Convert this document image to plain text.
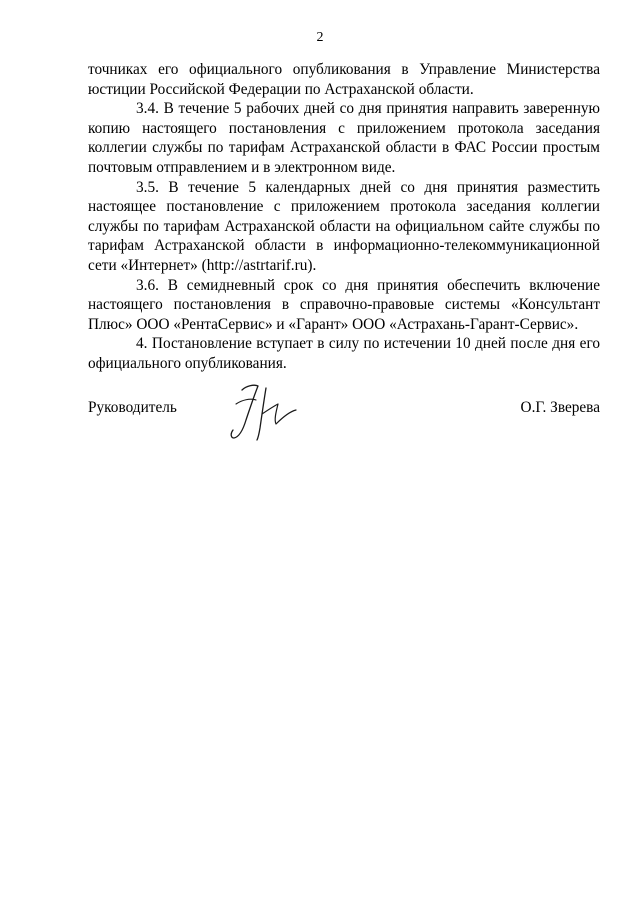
2

точниках его официального опубликования в Управление Министерства юстиции Российской Федерации по Астраханской области.

3.4. В течение 5 рабочих дней со дня принятия направить заверенную копию настоящего постановления с приложением протокола заседания коллегии службы по тарифам Астраханской области в ФАС России простым почтовым отправлением и в электронном виде.

3.5. В течение 5 календарных дней со дня принятия разместить настоящее постановление с приложением протокола заседания коллегии службы по тарифам Астраханской области на официальном сайте службы по тарифам Астраханской области в информационно-телекоммуникационной сети «Интернет» (http://astrtarif.ru).

3.6. В семидневный срок со дня принятия обеспечить включение настоящего постановления в справочно-правовые системы «Консультант Плюс» ООО «РентаСервис» и «Гарант» ООО «Астрахань-Гарант-Сервис».

4. Постановление вступает в силу по истечении 10 дней после дня его официального опубликования.

Руководитель	О.Г. Зверева
